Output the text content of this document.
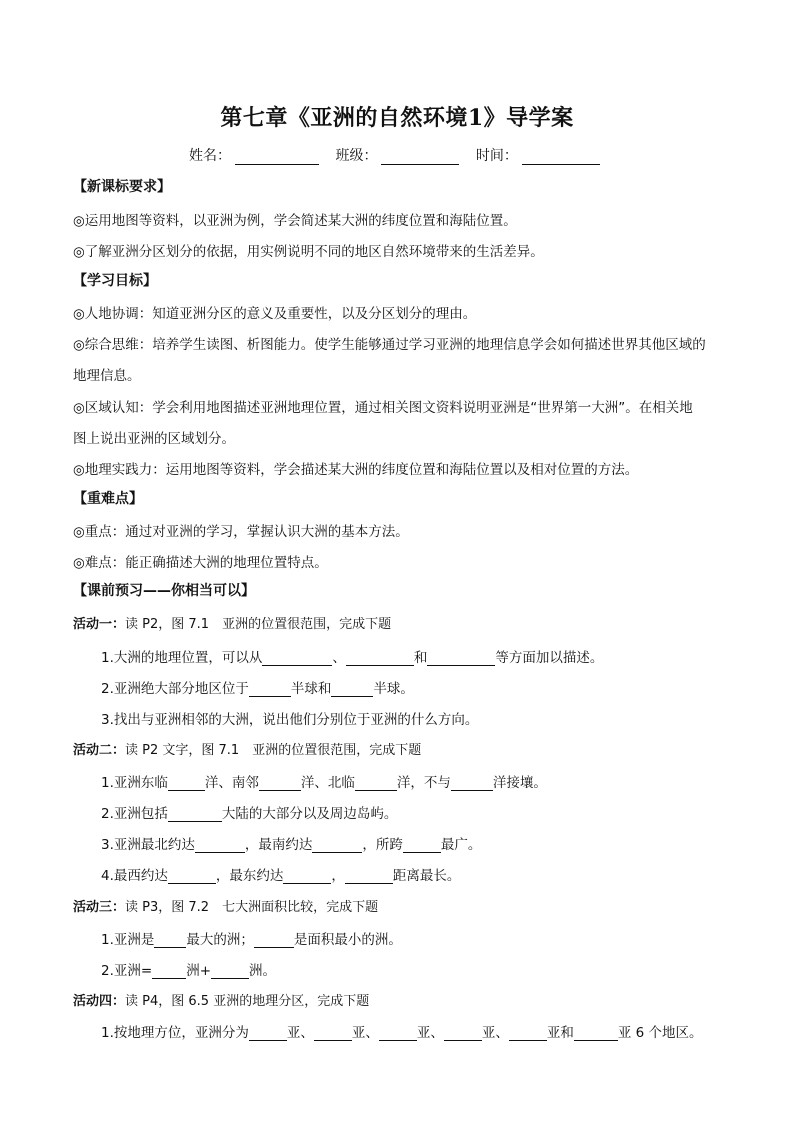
第七章《亚洲的自然环境1》导学案
姓名：	班级：	时间：
【新课标要求】
◎运用地图等资料，以亚洲为例，学会简述某大洲的纬度位置和海陆位置。
◎了解亚洲分区划分的依据，用实例说明不同的地区自然环境带来的生活差异。
【学习目标】
◎人地协调：知道亚洲分区的意义及重要性，以及分区划分的理由。
◎综合思维：培养学生读图、析图能力。使学生能够通过学习亚洲的地理信息学会如何描述世界其他区域的
地理信息。
◎区域认知：学会利用地图描述亚洲地理位置，通过相关图文资料说明亚洲是“世界第一大洲”。在相关地
图上说出亚洲的区域划分。
◎地理实践力：运用地图等资料，学会描述某大洲的纬度位置和海陆位置以及相对位置的方法。
【重难点】
◎重点：通过对亚洲的学习，掌握认识大洲的基本方法。
◎难点：能正确描述大洲的地理位置特点。
【课前预习——你相当可以】
活动一：读 P2，图 7.1　亚洲的位置很范围，完成下题
1.大洲的地理位置，可以从	、	和	等方面加以描述。
2.亚洲绝大部分地区位于	半球和	半球。
3.找出与亚洲相邻的大洲，说出他们分别位于亚洲的什么方向。
活动二：读 P2 文字，图 7.1　亚洲的位置很范围，完成下题
1.亚洲东临	洋、南邻	洋、北临	洋，不与	洋接壤。
2.亚洲包括	大陆的大部分以及周边岛屿。
3.亚洲最北约达	，最南约达	，所跨	最广。
4.最西约达	，最东约达	，	距离最长。
活动三：读 P3，图 7.2　七大洲面积比较，完成下题
1.亚洲是 最大的洲；	是面积最小的洲。
2.亚洲=	洲+	洲。
活动四：读 P4，图 6.5 亚洲的地理分区，完成下题
1.按地理方位，亚洲分为	亚、	亚、	亚、	亚、	亚和	亚 6 个地区。
